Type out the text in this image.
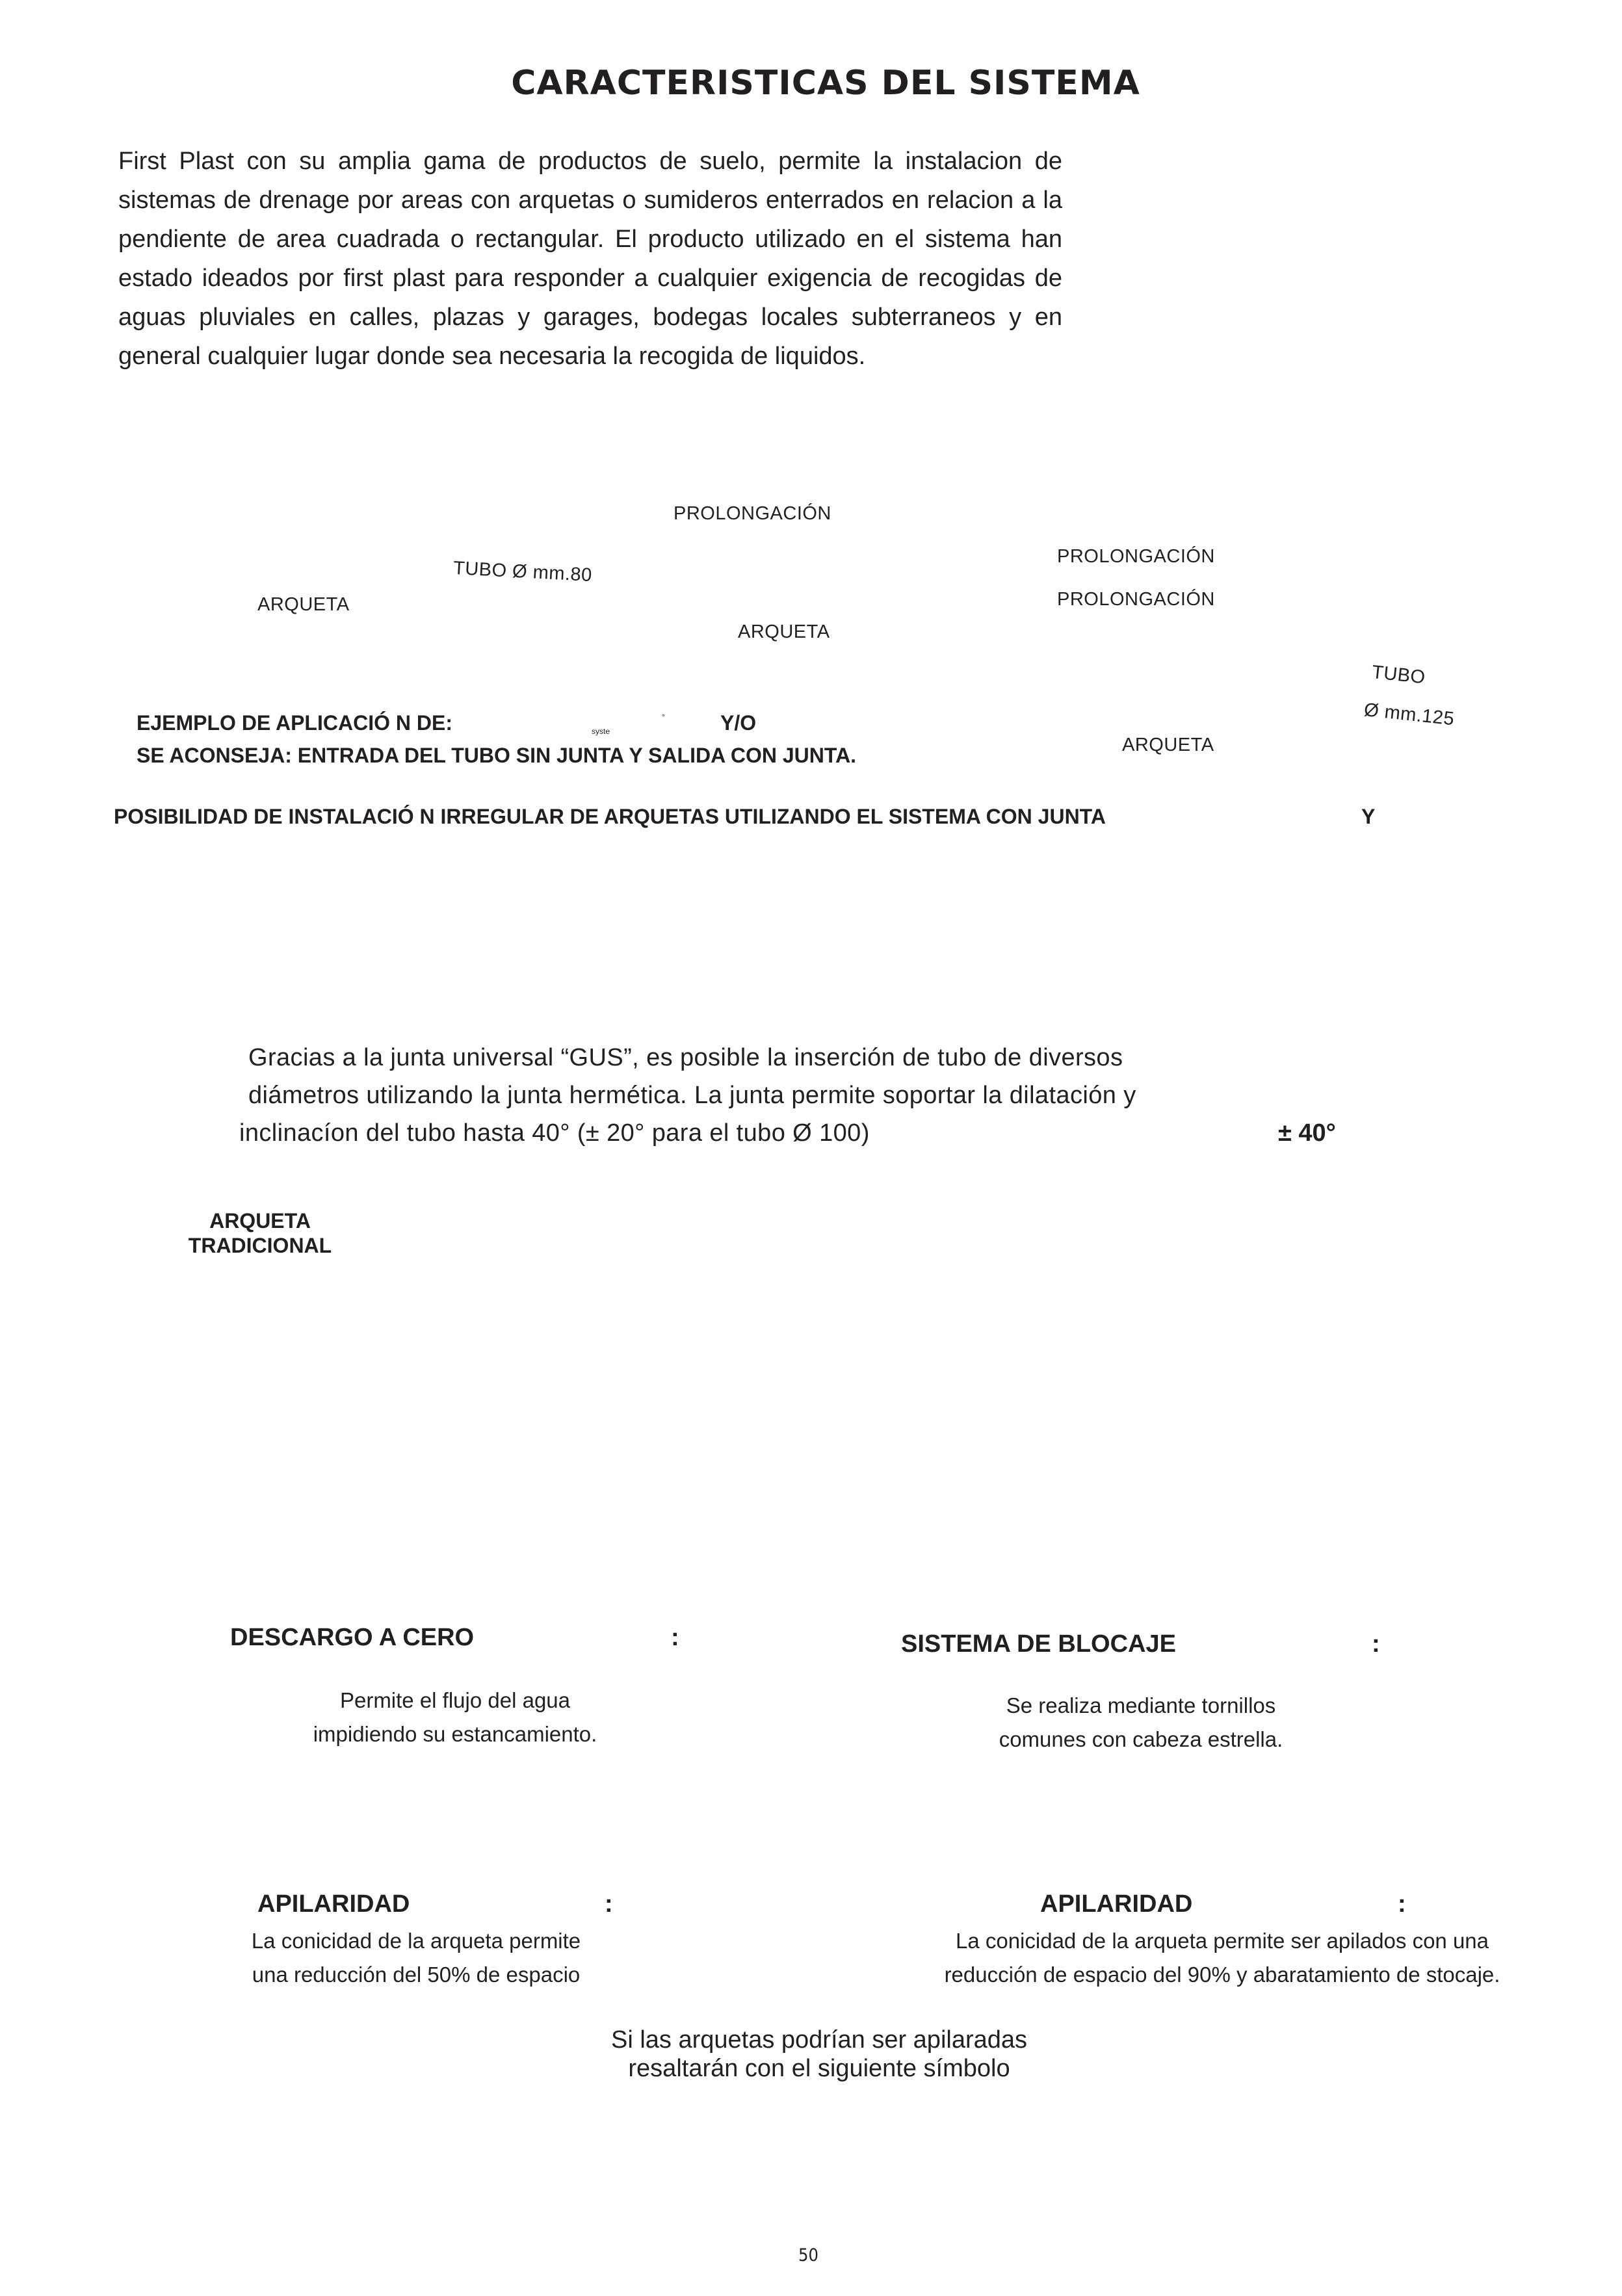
CARACTERISTICAS DEL SISTEMA
First Plast con su amplia gama de productos de suelo, permite la instalacion de sistemas de drenage por areas con arquetas o sumideros enterrados en relacion a la pendiente de area cuadrada o rectangular. El producto utilizado en el sistema han estado ideados por first plast para responder a cualquier exigencia de recogidas de aguas pluviales en calles, plazas y garages, bodegas locales subterraneos y en general cualquier lugar donde sea necesaria la recogida de liquidos.
PROLONGACIÓN
TUBO Ø mm.80
ARQUETA
ARQUETA
PROLONGACIÓN
PROLONGACIÓN
TUBO
Ø mm.125
ARQUETA
EJEMPLO DE APLICACIÓ N DE:	syste
°	Y/O
SE ACONSEJA: ENTRADA DEL TUBO SIN JUNTA Y SALIDA CON JUNTA.
POSIBILIDAD DE INSTALACIÓ N IRREGULAR DE ARQUETAS UTILIZANDO EL SISTEMA CON JUNTA	Y
Gracias a la junta universal “GUS”, es posible la inserción de tubo de diversos
diámetros utilizando la junta hermética. La junta permite soportar la dilatación y
inclinacíon del tubo hasta 40° (± 20° para el tubo Ø 100)	± 40°
ARQUETA
TRADICIONAL
DESCARGO A CERO	:
Permite el flujo del agua
impidiendo su estancamiento.
SISTEMA DE BLOCAJE	:
Se realiza mediante tornillos
comunes con cabeza estrella.
APILARIDAD	:
La conicidad de la arqueta permite
una reducción del 50% de espacio
APILARIDAD	:
La conicidad de la arqueta permite ser apilados con una
reducción de espacio del 90% y abaratamiento de stocaje.
Si las arquetas podrían ser apilaradas
resaltarán con el siguiente símbolo
50
